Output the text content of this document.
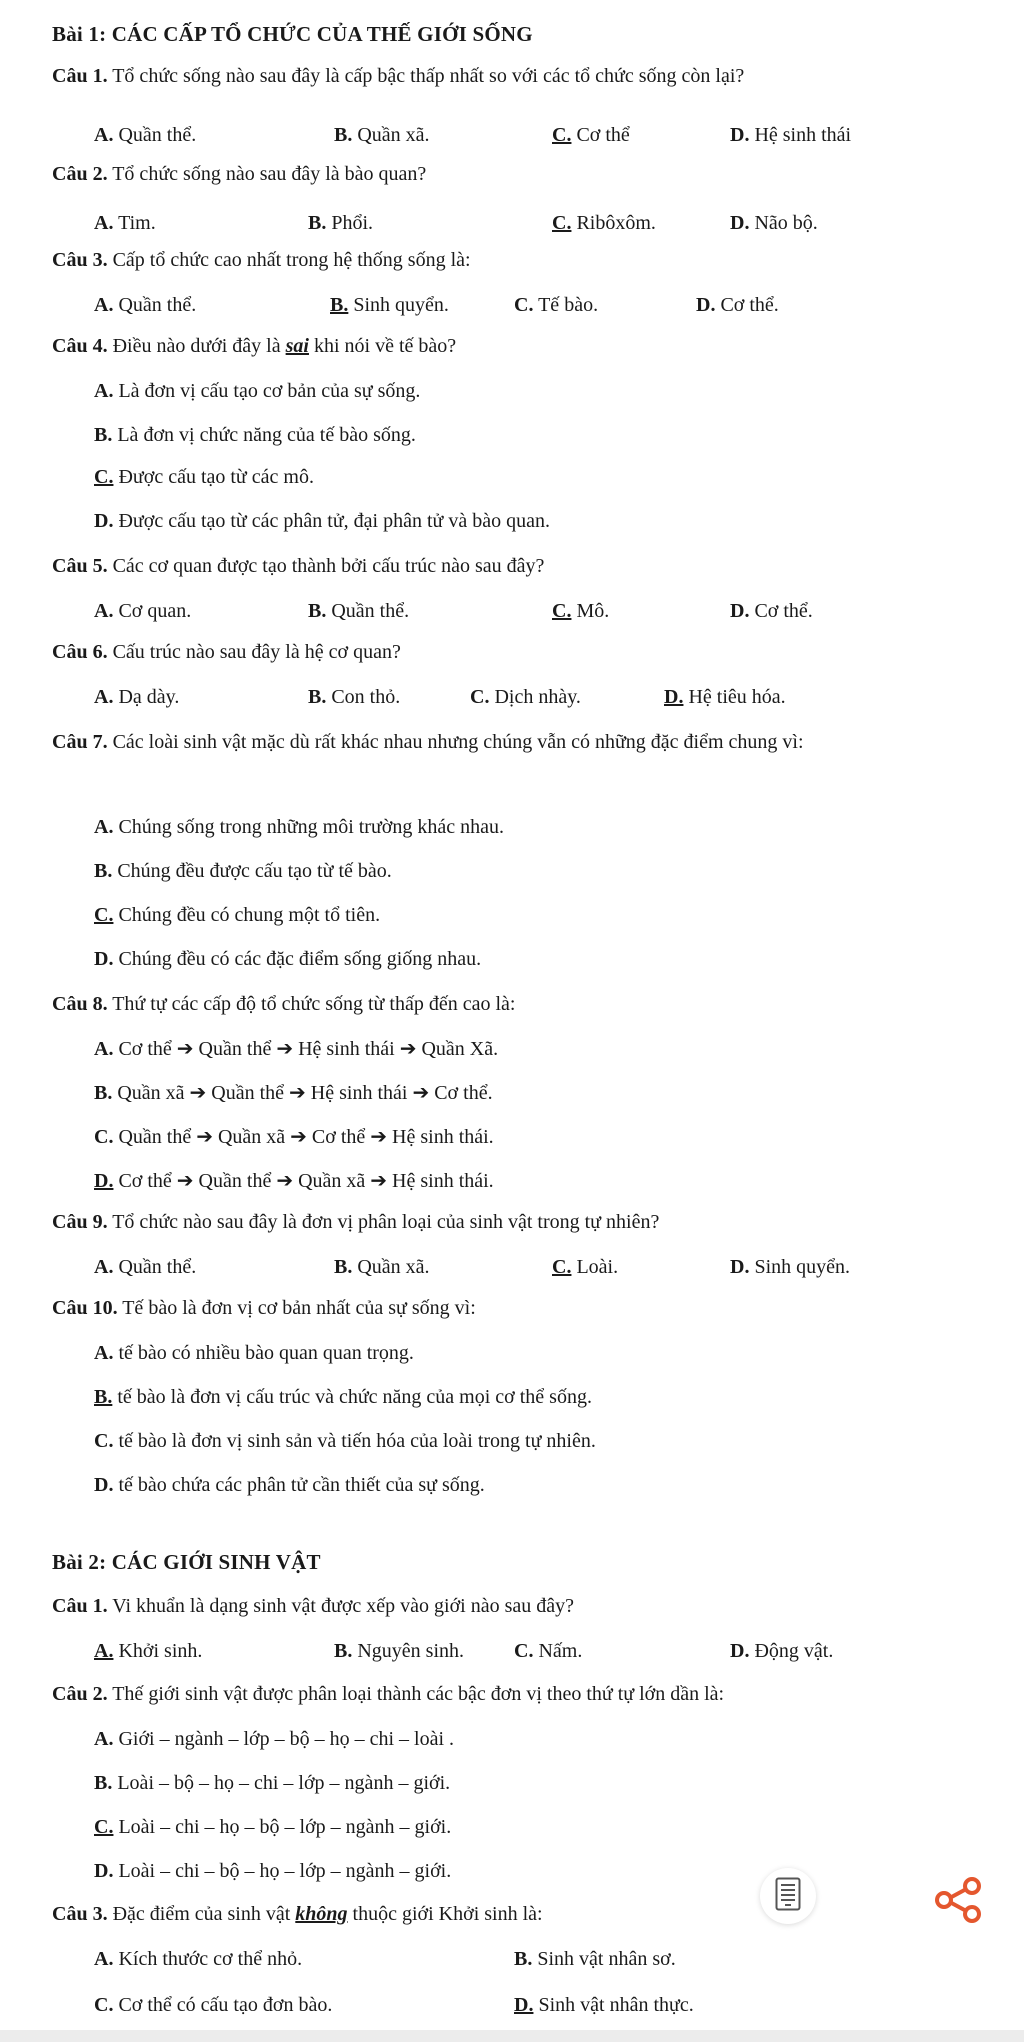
Bài 1: CÁC CẤP TỔ CHỨC CỦA THẾ GIỚI SỐNG
Câu 1. Tổ chức sống nào sau đây là cấp bậc thấp nhất so với các tổ chức sống còn lại?
A. Quần thể.	B. Quần xã.	C. Cơ thể	D. Hệ sinh thái
Câu 2. Tổ chức sống nào sau đây là bào quan?
A. Tim.	B. Phổi.	C. Ribôxôm.	D. Não bộ.
Câu 3. Cấp tổ chức cao nhất trong hệ thống sống là:
A. Quần thể.	B. Sinh quyển.	C. Tế bào.	D. Cơ thể.
Câu 4. Điều nào dưới đây là sai khi nói về tế bào?
A. Là đơn vị cấu tạo cơ bản của sự sống.
B. Là đơn vị chức năng của tế bào sống.
C. Được cấu tạo từ các mô.
D. Được cấu tạo từ các phân tử, đại phân tử và bào quan.
Câu 5. Các cơ quan được tạo thành bởi cấu trúc nào sau đây?
A. Cơ quan.	B. Quần thể.	C. Mô.	D. Cơ thể.
Câu 6. Cấu trúc nào sau đây là hệ cơ quan?
A. Dạ dày.	B. Con thỏ.	C. Dịch nhày.	D. Hệ tiêu hóa.
Câu 7. Các loài sinh vật mặc dù rất khác nhau nhưng chúng vẫn có những đặc điểm chung vì:
A. Chúng sống trong những môi trường khác nhau.
B. Chúng đều được cấu tạo từ tế bào.
C. Chúng đều có chung một tổ tiên.
D. Chúng đều có các đặc điểm sống giống nhau.
Câu 8. Thứ tự các cấp độ tổ chức sống từ thấp đến cao là:
A. Cơ thể ➔ Quần thể ➔ Hệ sinh thái ➔ Quần Xã.
B. Quần xã ➔ Quần thể ➔ Hệ sinh thái ➔ Cơ thể.
C. Quần thể ➔ Quần xã ➔ Cơ thể ➔ Hệ sinh thái.
D. Cơ thể ➔ Quần thể ➔ Quần xã ➔ Hệ sinh thái.
Câu 9. Tổ chức nào sau đây là đơn vị phân loại của sinh vật trong tự nhiên?
A. Quần thể.	B. Quần xã.	C. Loài.	D. Sinh quyển.
Câu 10. Tế bào là đơn vị cơ bản nhất của sự sống vì:
A. tế bào có nhiều bào quan quan trọng.
B. tế bào là đơn vị cấu trúc và chức năng của mọi cơ thể sống.
C. tế bào là đơn vị sinh sản và tiến hóa của loài trong tự nhiên.
D. tế bào chứa các phân tử cần thiết của sự sống.
Bài 2: CÁC GIỚI SINH VẬT
Câu 1. Vi khuẩn là dạng sinh vật được xếp vào giới nào sau đây?
A. Khởi sinh.	B. Nguyên sinh. C. Nấm.	D. Động vật.
Câu 2. Thế giới sinh vật được phân loại thành các bậc đơn vị theo thứ tự lớn dần là:
A. Giới – ngành – lớp – bộ – họ – chi – loài .
B. Loài – bộ – họ – chi – lớp – ngành – giới.
C. Loài – chi – họ – bộ – lớp – ngành – giới.
D. Loài – chi – bộ – họ – lớp – ngành – giới.
Câu 3. Đặc điểm của sinh vật không thuộc giới Khởi sinh là:
A. Kích thước cơ thể nhỏ.	B. Sinh vật nhân sơ.
C. Cơ thể có cấu tạo đơn bào.	D. Sinh vật nhân thực.
